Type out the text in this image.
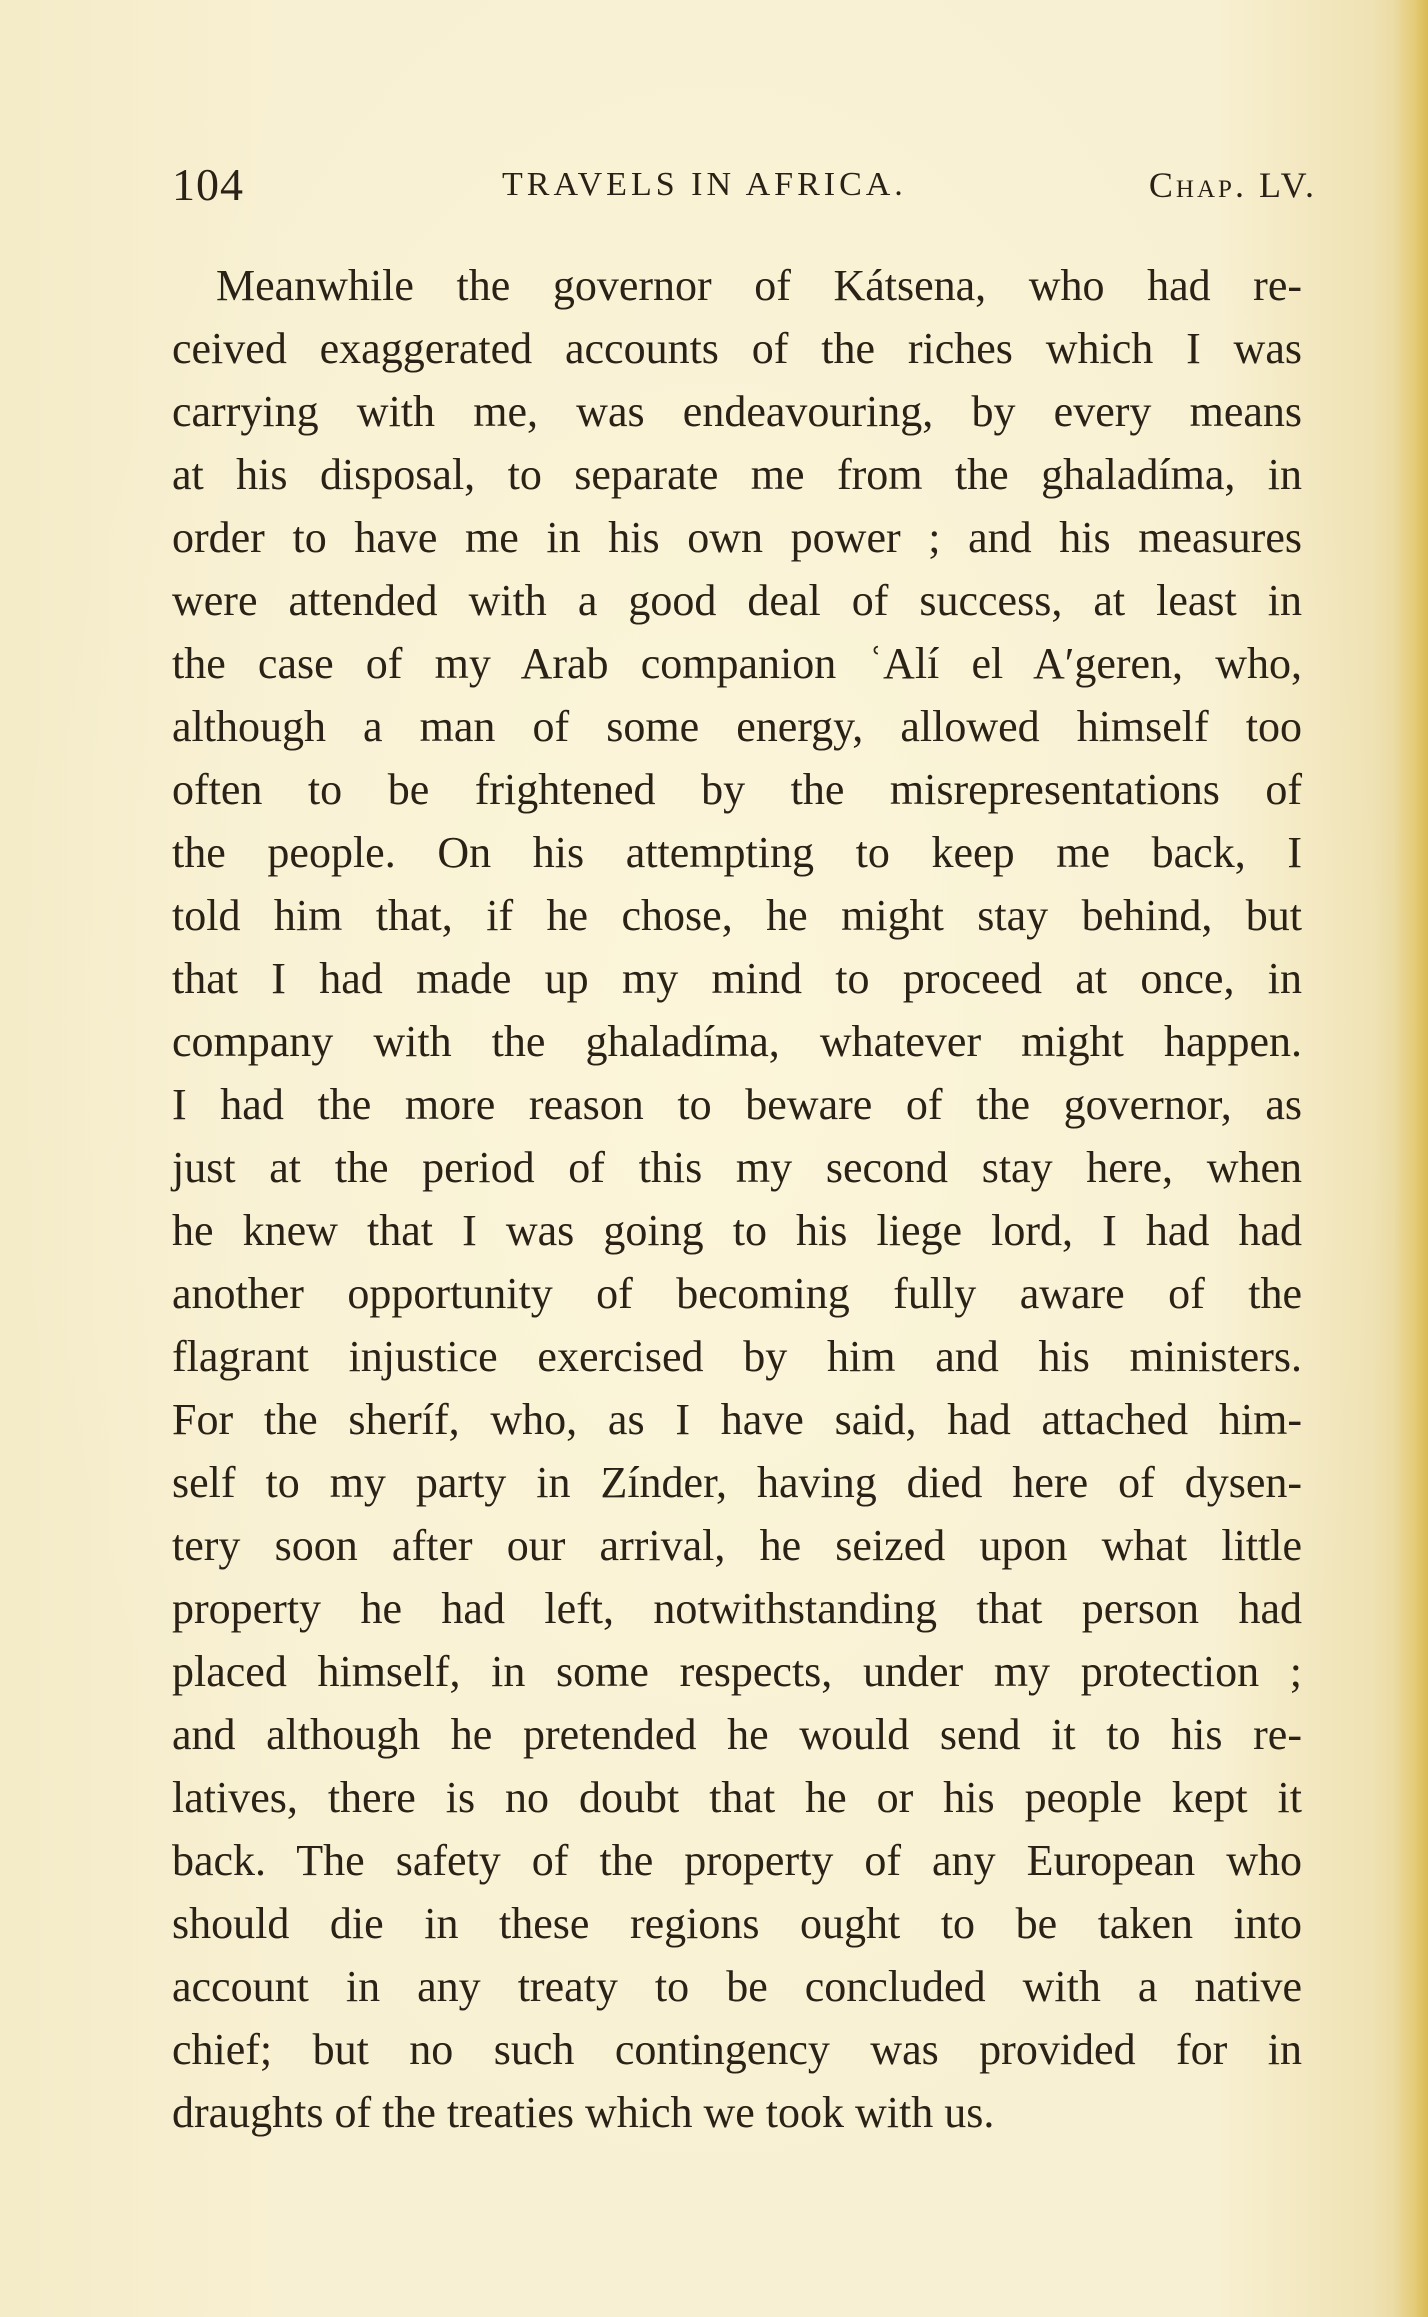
104	TRAVELS IN AFRICA.	Chap. LV.
Meanwhile the governor of Kátsena, who had re-
ceived exaggerated accounts of the riches which I was
carrying with me, was endeavouring, by every means
at his disposal, to separate me from the ghaladíma, in
order to have me in his own power ; and his measures
were attended with a good deal of success, at least in
the case of my Arab companion ʿAlí el A′geren, who,
although a man of some energy, allowed himself too
often to be frightened by the misrepresentations of
the people. On his attempting to keep me back, I
told him that, if he chose, he might stay behind, but
that I had made up my mind to proceed at once, in
company with the ghaladíma, whatever might happen.
I had the more reason to beware of the governor, as
just at the period of this my second stay here, when
he knew that I was going to his liege lord, I had had
another opportunity of becoming fully aware of the
flagrant injustice exercised by him and his ministers.
For the sheríf, who, as I have said, had attached him-
self to my party in Zínder, having died here of dysen-
tery soon after our arrival, he seized upon what little
property he had left, notwithstanding that person had
placed himself, in some respects, under my protection ;
and although he pretended he would send it to his re-
latives, there is no doubt that he or his people kept it
back. The safety of the property of any European who
should die in these regions ought to be taken into
account in any treaty to be concluded with a native
chief; but no such contingency was provided for in
draughts of the treaties which we took with us.
